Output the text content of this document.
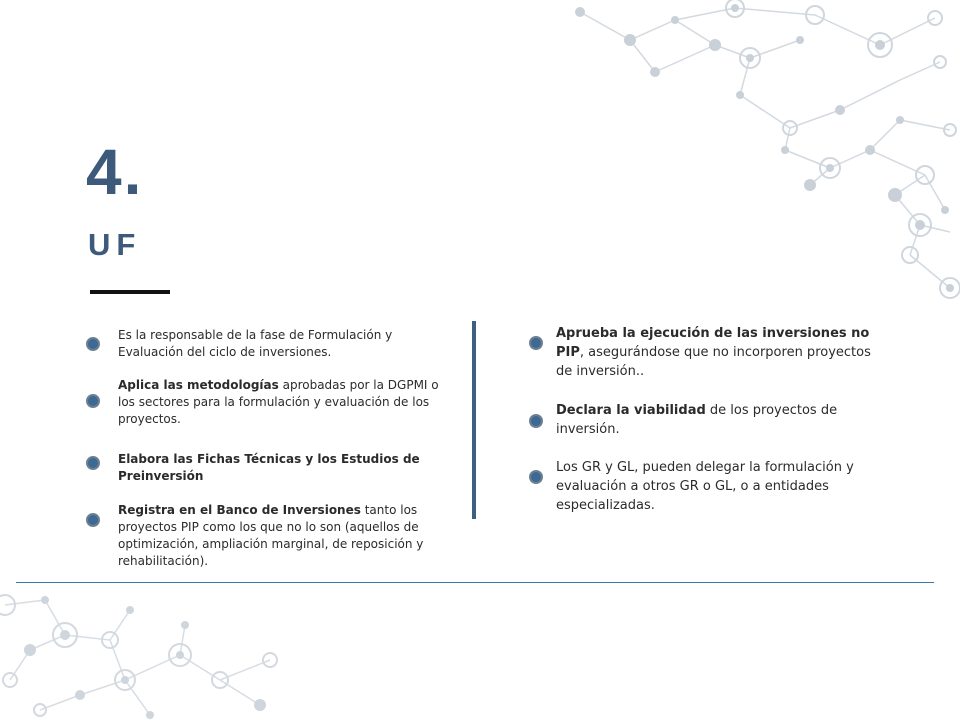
4.
UF
Es la responsable de la fase de Formulación y Evaluación del ciclo de inversiones.
Aplica las metodologías aprobadas por la DGPMI o los sectores para la formulación y evaluación de los proyectos.
Elabora las Fichas Técnicas y los Estudios de Preinversión
Registra en el Banco de Inversiones tanto los proyectos PIP como los que no lo son (aquellos de optimización, ampliación marginal, de reposición y rehabilitación).
Aprueba la ejecución de las inversiones no PIP, asegurándose que no incorporen proyectos de inversión..
Declara la viabilidad de los proyectos de inversión.
Los GR y GL, pueden delegar la formulación y evaluación a otros GR o GL, o a entidades especializadas.
